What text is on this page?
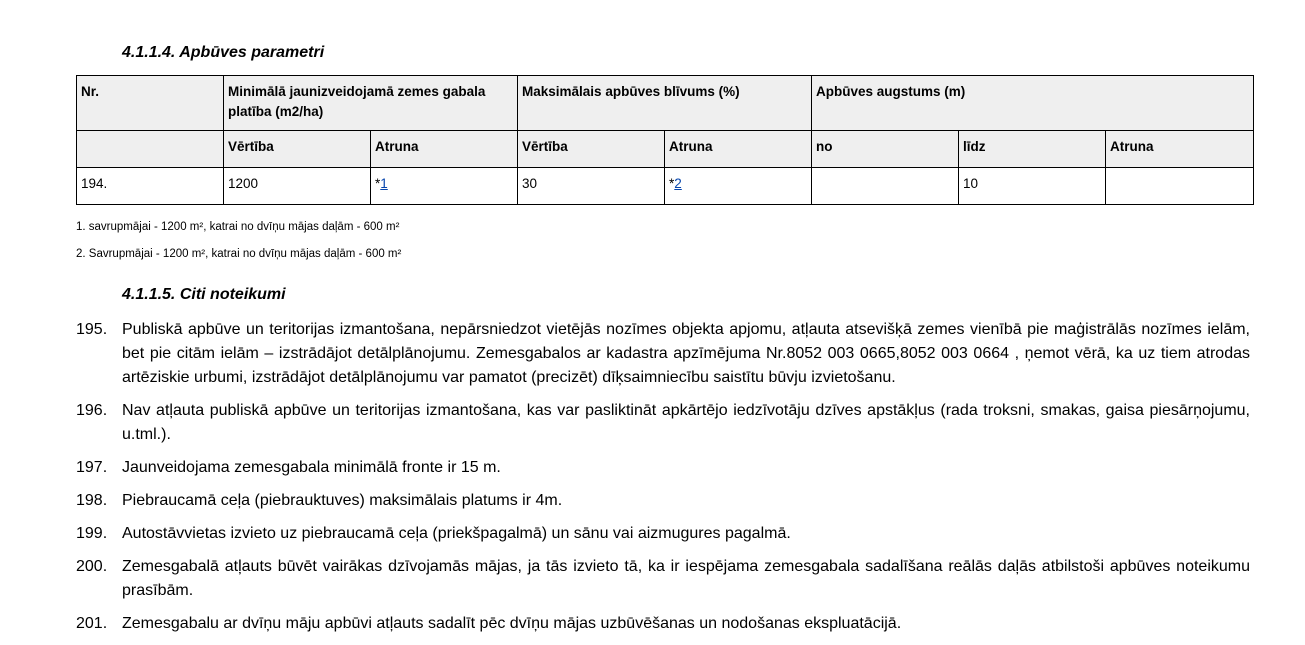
4.1.1.4. Apbūves parametri
Nr.	Minimālā jaunizveidojamā zemes gabala platība (m2/ha)		Maksimālais apbūves blīvums (%)		Apbūves augstums (m)		
	Vērtība	Atruna	Vērtība	Atruna	no	līdz	Atruna
194.	1200	*1	30	*2		10	
1. savrupmājai - 1200 m², katrai no dvīņu mājas daļām - 600 m²
2. Savrupmājai - 1200 m², katrai no dvīņu mājas daļām - 600 m²
4.1.1.5. Citi noteikumi
195. Publiskā apbūve un teritorijas izmantošana, nepārsniedzot vietējās nozīmes objekta apjomu, atļauta atsevišķā zemes vienībā pie maģistrālās nozīmes ielām, bet pie citām ielām – izstrādājot detālplānojumu. Zemesgabalos ar kadastra apzīmējuma Nr.8052 003 0665,8052 003 0664 , ņemot vērā, ka uz tiem atrodas artēziskie urbumi, izstrādājot detālplānojumu var pamatot (precizēt) dīķsaimniecību saistītu būvju izvietošanu.
196. Nav atļauta publiskā apbūve un teritorijas izmantošana, kas var pasliktināt apkārtējo iedzīvotāju dzīves apstākļus (rada troksni, smakas, gaisa piesārņojumu, u.tml.).
197. Jaunveidojama zemesgabala minimālā fronte ir 15 m.
198. Piebraucamā ceļa (piebrauktuves) maksimālais platums ir 4m.
199. Autostāvvietas izvieto uz piebraucamā ceļa (priekšpagalmā) un sānu vai aizmugures pagalmā.
200. Zemesgabalā atļauts būvēt vairākas dzīvojamās mājas, ja tās izvieto tā, ka ir iespējama zemesgabala sadalīšana reālās daļās atbilstoši apbūves noteikumu prasībām.
201. Zemesgabalu ar dvīņu māju apbūvi atļauts sadalīt pēc dvīņu mājas uzbūvēšanas un nodošanas ekspluatācijā.
